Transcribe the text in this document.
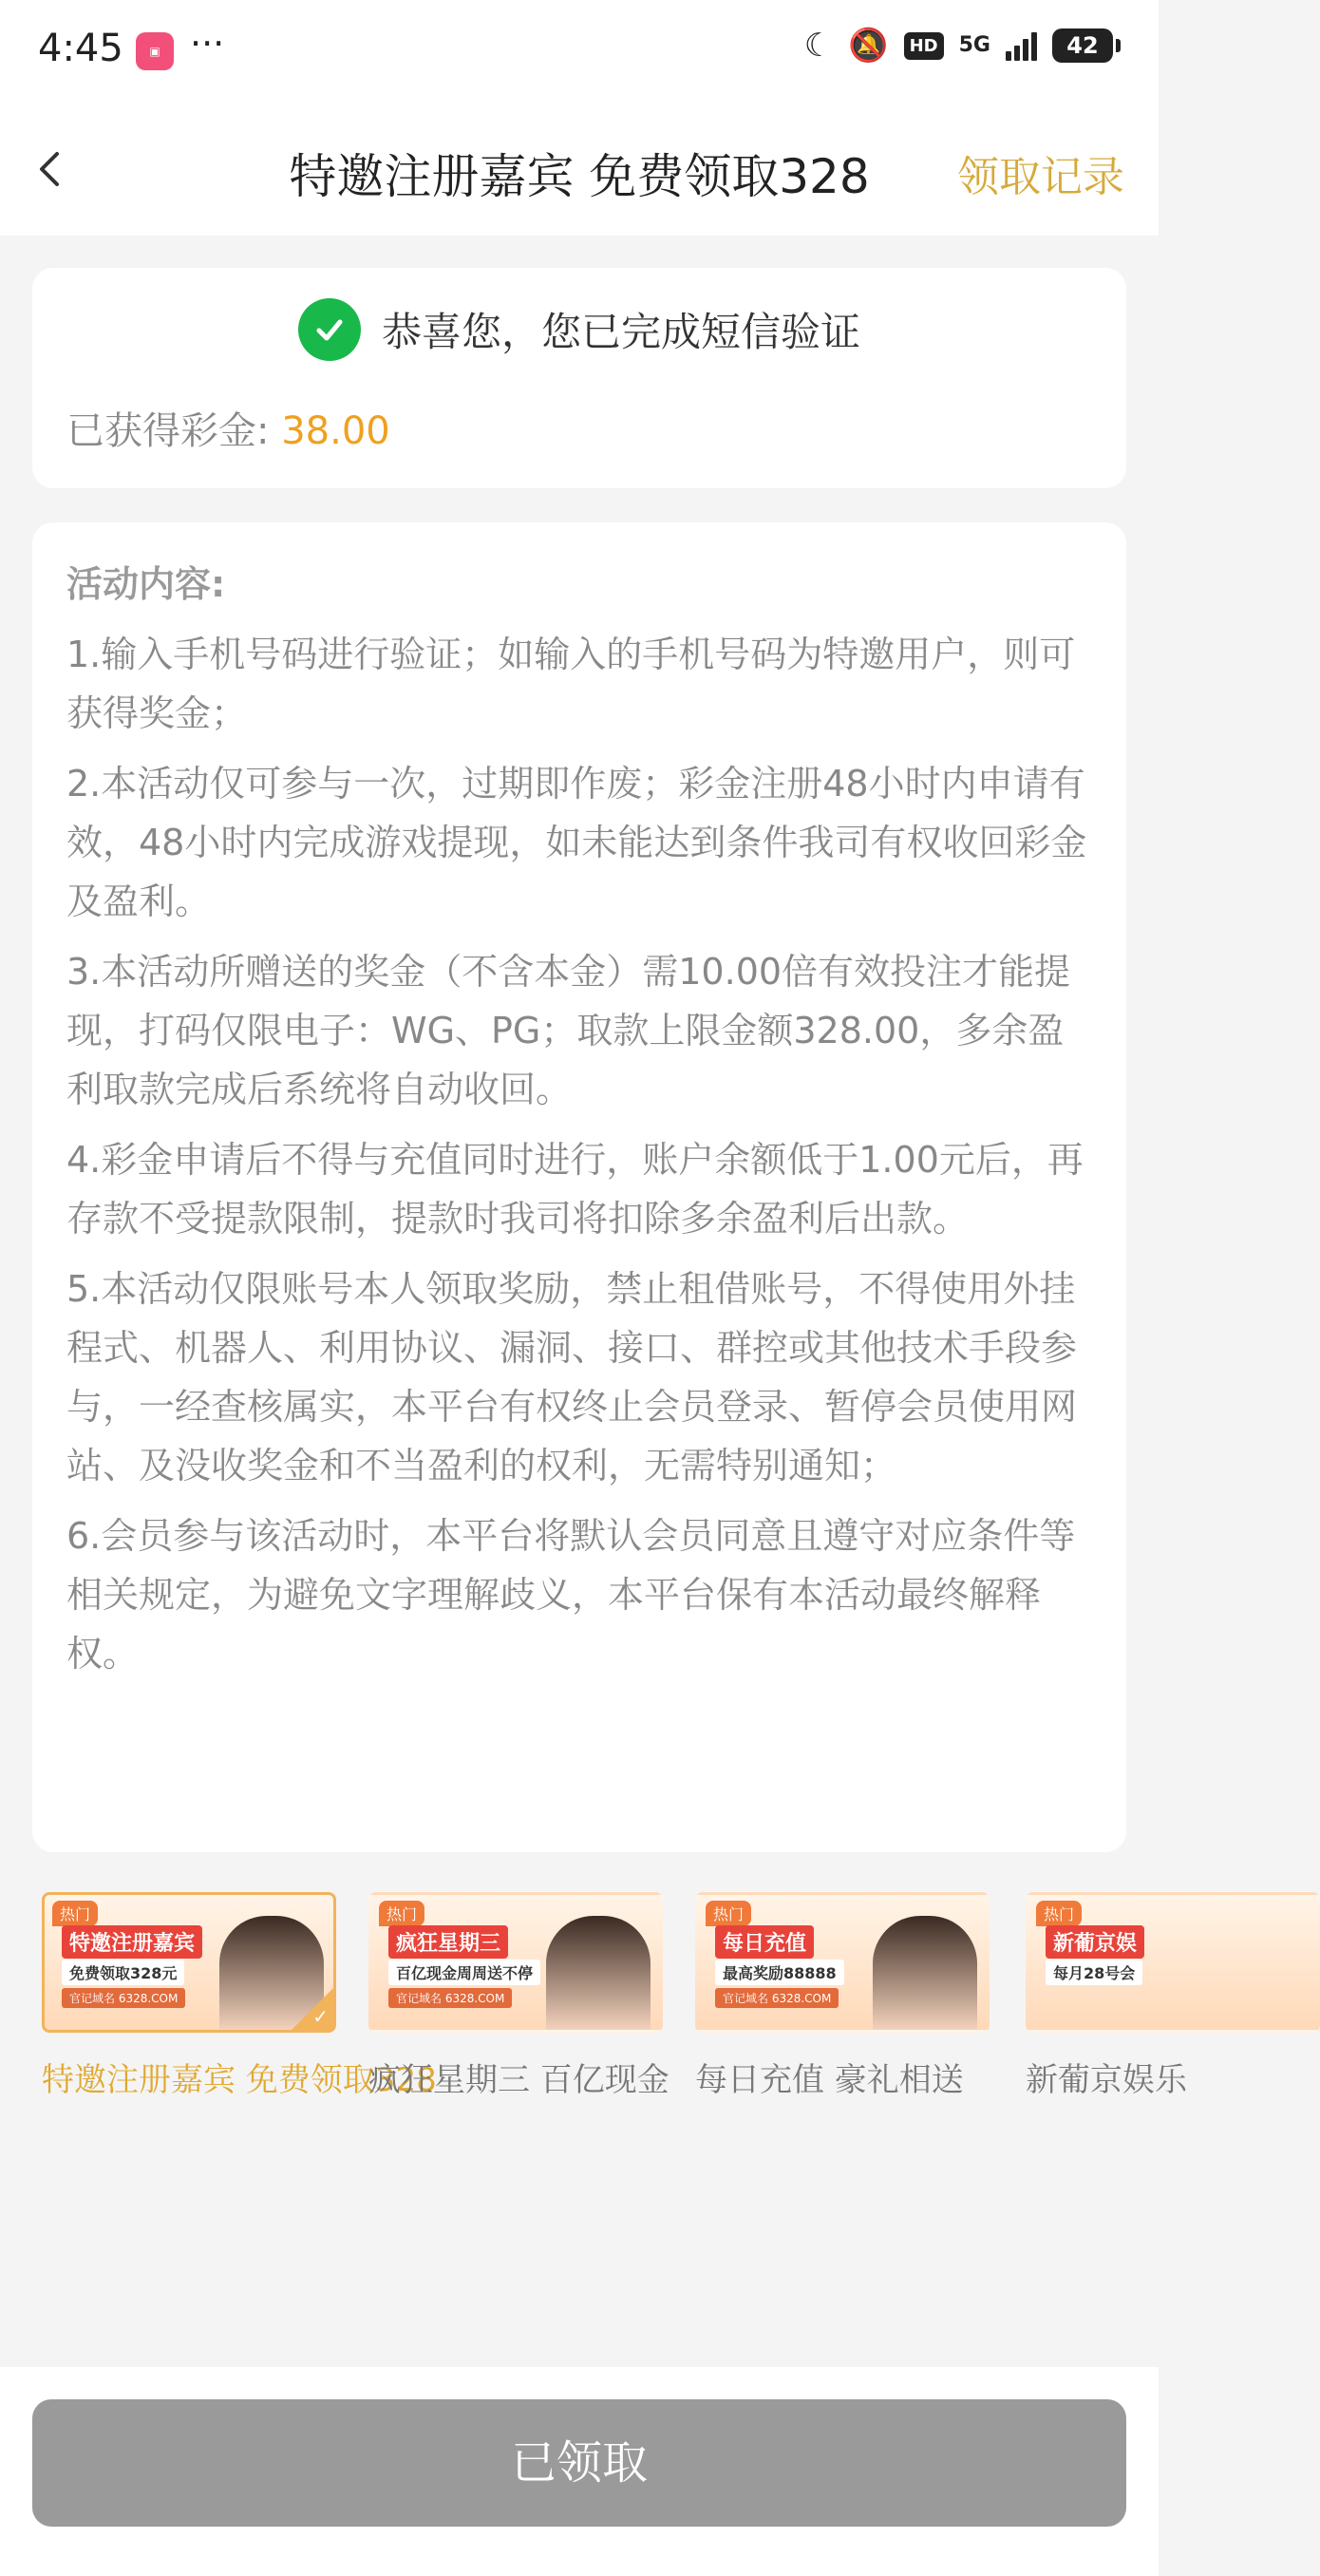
4:45	▣ ···	☾ 🔕	HD 5G	42
特邀注册嘉宾 免费领取328	领取记录
恭喜您，您已完成短信验证
已获得彩金: 38.00
活动内容:
1.输入手机号码进行验证；如输入的手机号码为特邀用户，则可获得奖金；
2.本活动仅可参与一次，过期即作废；彩金注册48小时内申请有效，48小时内完成游戏提现，如未能达到条件我司有权收回彩金及盈利。
3.本活动所赠送的奖金（不含本金）需10.00倍有效投注才能提现，打码仅限电子：WG、PG；取款上限金额328.00，多余盈利取款完成后系统将自动收回。
4.彩金申请后不得与充值同时进行，账户余额低于1.00元后，再存款不受提款限制，提款时我司将扣除多余盈利后出款。
5.本活动仅限账号本人领取奖励，禁止租借账号，不得使用外挂程式、机器人、利用协议、漏洞、接口、群控或其他技术手段参与，一经查核属实，本平台有权终止会员登录、暂停会员使用网站、及没收奖金和不当盈利的权利，无需特别通知；
6.会员参与该活动时，本平台将默认会员同意且遵守对应条件等相关规定，为避免文字理解歧义，本平台保有本活动最终解释权。
热门
特邀注册嘉宾
免费领取328元
官记域名 6328.COM
✓
特邀注册嘉宾 免费领取328
热门
疯狂星期三
百亿现金周周送不停
官记域名 6328.COM
疯狂星期三 百亿现金
热门
每日充值
最高奖励88888
官记域名 6328.COM
每日充值 豪礼相送
热门
新葡京娱
每月28号会
新葡京娱乐
已领取
